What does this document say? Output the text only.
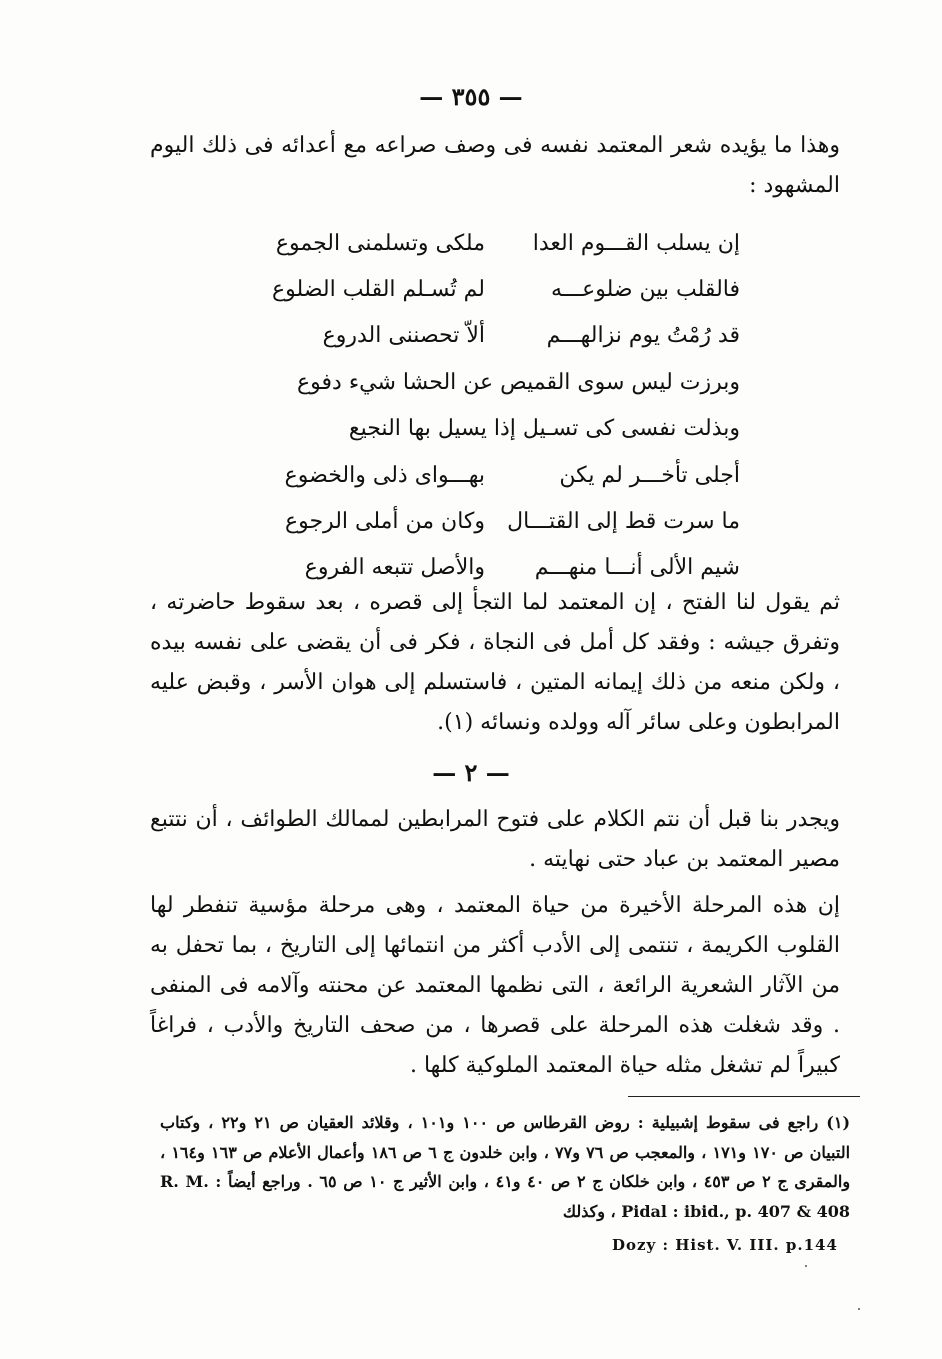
— ٣٥٥ —

وهذا ما يؤيده شعر المعتمد نفسه فى وصف صراعه مع أعدائه فى ذلك اليوم المشهود :

إن يسلب القـــوم العدا
ملكى وتسلمنى الجموع
فالقلب بين ضلوعـــه
لم تُسـلم القلب الضلوع
قد رُمْتُ يوم نزالهـــم
ألاّ تحصننى الدروع
وبرزت ليس سوى القميص عن الحشا شيء دفوع
وبذلت نفسى كى تسـيل إذا يسيل بها النجيع
أجلى تأخـــر لم يكن
بهـــواى ذلى والخضوع
ما سرت قط إلى القتـــال
وكان من أملى الرجوع
شيم الألى أنـــا منهـــم
والأصل تتبعه الفروع

ثم يقول لنا الفتح ، إن المعتمد لما التجأ إلى قصره ، بعد سقوط حاضرته ، وتفرق جيشه : وفقد كل أمل فى النجاة ، فكر فى أن يقضى على نفسه بيده ، ولكن منعه من ذلك إيمانه المتين ، فاستسلم إلى هوان الأسر ، وقبض عليه المرابطون وعلى سائر آله وولده ونسائه (١).

— ٢ —

ويجدر بنا قبل أن نتم الكلام على فتوح المرابطين لممالك الطوائف ، أن نتتبع مصير المعتمد بن عباد حتى نهايته .

إن هذه المرحلة الأخيرة من حياة المعتمد ، وهى مرحلة مؤسية تنفطر لها القلوب الكريمة ، تنتمى إلى الأدب أكثر من انتمائها إلى التاريخ ، بما تحفل به من الآثار الشعرية الرائعة ، التى نظمها المعتمد عن محنته وآلامه فى المنفى . وقد شغلت هذه المرحلة على قصرها ، من صحف التاريخ والأدب ، فراغاً كبيراً لم تشغل مثله حياة المعتمد الملوكية كلها .

(١) راجع فى سقوط إشبيلية : روض القرطاس ص ١٠٠ و١٠١ ، وقلائد العقيان ص ٢١ و٢٢ ، وكتاب التبيان ص ١٧٠ و١٧١ ، والمعجب ص ٧٦ و٧٧ ، وابن خلدون ج ٦ ص ١٨٦ وأعمال الأعلام ص ١٦٣ و١٦٤ ، والمقرى ج ٢ ص ٤٥٣ ، وابن خلكان ج ٢ ص ٤٠ و٤١ ، وابن الأثير ج ١٠ ص ٦٥ . وراجع أيضاً : R. M. Pidal : ibid., p. 407 & 408 ، وكذلك

Dozy : Hist. V. III. p.144
